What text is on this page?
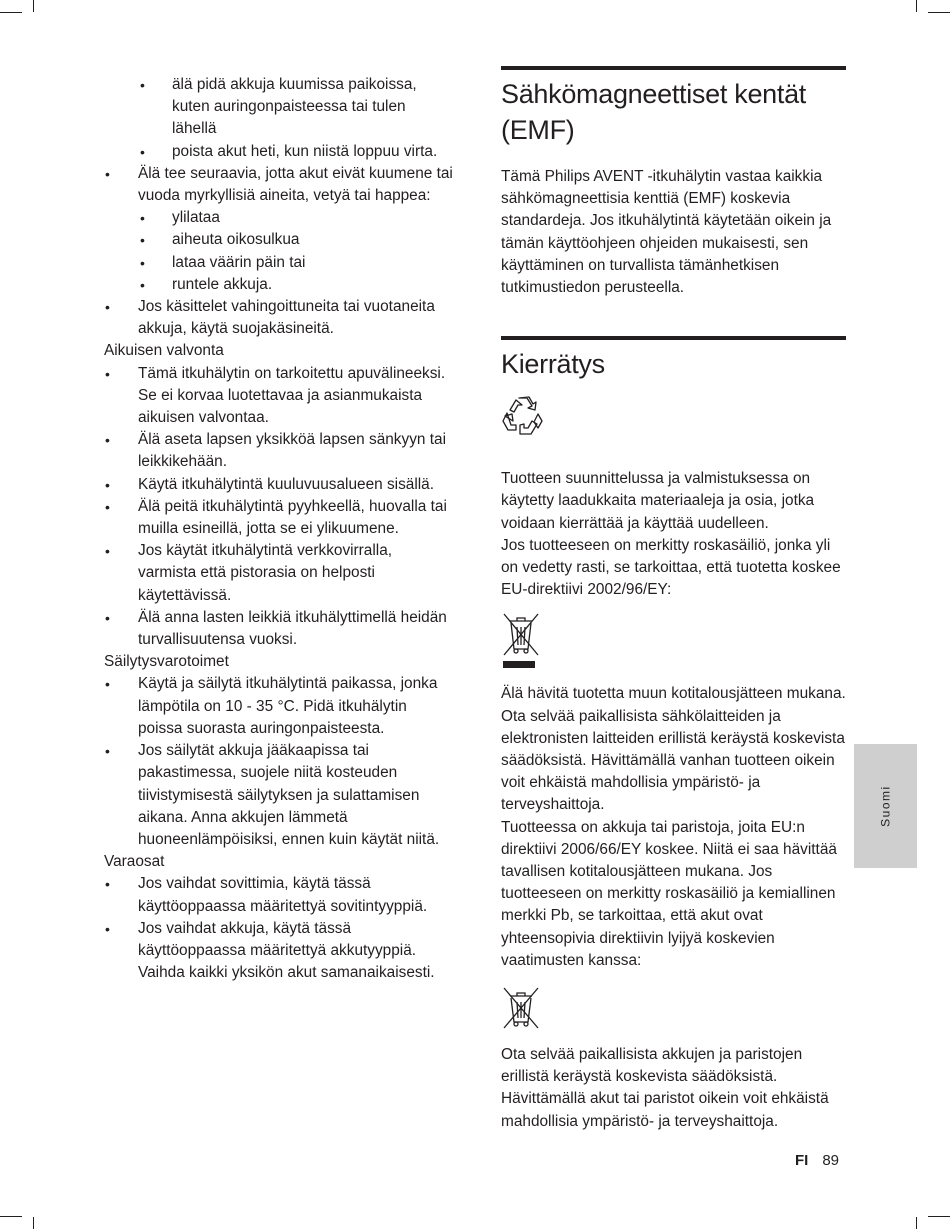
• älä pidä akkuja kuumissa paikoissa, kuten auringonpaisteessa tai tulen lähellä
• poista akut heti, kun niistä loppuu virta.
• Älä tee seuraavia, jotta akut eivät kuumene tai vuoda myrkyllisiä aineita, vetyä tai happea:
• ylilataa
• aiheuta oikosulkua
• lataa väärin päin tai
• runtele akkuja.
• Jos käsittelet vahingoittuneita tai vuotaneita akkuja, käytä suojakäsineitä.
Aikuisen valvonta
• Tämä itkuhälytin on tarkoitettu apuvälineeksi. Se ei korvaa luotettavaa ja asianmukaista aikuisen valvontaa.
• Älä aseta lapsen yksikköä lapsen sänkyyn tai leikkikehään.
• Käytä itkuhälytintä kuuluvuusalueen sisällä.
• Älä peitä itkuhälytintä pyyhkeellä, huovalla tai muilla esineillä, jotta se ei ylikuumene.
• Jos käytät itkuhälytintä verkkovirralla, varmista että pistorasia on helposti käytettävissä.
• Älä anna lasten leikkiä itkuhälyttimellä heidän turvallisuutensa vuoksi.
Säilytysvarotoimet
• Käytä ja säilytä itkuhälytintä paikassa, jonka lämpötila on 10 - 35 °C. Pidä itkuhälytin poissa suorasta auringonpaisteesta.
• Jos säilytät akkuja jääkaapissa tai pakastimessa, suojele niitä kosteuden tiivistymisestä säilytyksen ja sulattamisen aikana. Anna akkujen lämmetä huoneenlämpöisiksi, ennen kuin käytät niitä.
Varaosat
• Jos vaihdat sovittimia, käytä tässä käyttöoppaassa määritettyä sovitintyyppiä.
• Jos vaihdat akkuja, käytä tässä käyttöoppaassa määritettyä akkutyyppiä. Vaihda kaikki yksikön akut samanaikaisesti.
Sähkömagneettiset kentät (EMF)

Tämä Philips AVENT -itkuhälytin vastaa kaikkia sähkömagneettisia kenttiä (EMF) koskevia standardeja. Jos itkuhälytintä käytetään oikein ja tämän käyttöohjeen ohjeiden mukaisesti, sen käyttäminen on turvallista tämänhetkisen tutkimustiedon perusteella.

Kierrätys

Tuotteen suunnittelussa ja valmistuksessa on käytetty laadukkaita materiaaleja ja osia, jotka voidaan kierrättää ja käyttää uudelleen.

Jos tuotteeseen on merkitty roskasäiliö, jonka yli on vedetty rasti, se tarkoittaa, että tuotetta koskee EU-direktiivi 2002/96/EY:

Älä hävitä tuotetta muun kotitalousjätteen mukana. Ota selvää paikallisista sähkölaitteiden ja elektronisten laitteiden erillistä keräystä koskevista säädöksistä. Hävittämällä vanhan tuotteen oikein voit ehkäistä mahdollisia ympäristö- ja terveyshaittoja.

Tuotteessa on akkuja tai paristoja, joita EU:n direktiivi 2006/66/EY koskee. Niitä ei saa hävittää tavallisen kotitalousjätteen mukana. Jos tuotteeseen on merkitty roskasäiliö ja kemiallinen merkki Pb, se tarkoittaa, että akut ovat yhteensopivia direktiivin lyijyä koskevien vaatimusten kanssa:

Ota selvää paikallisista akkujen ja paristojen erillistä keräystä koskevista säädöksistä. Hävittämällä akut tai paristot oikein voit ehkäistä mahdollisia ympäristö- ja terveyshaittoja.

Suomi
FI 89
